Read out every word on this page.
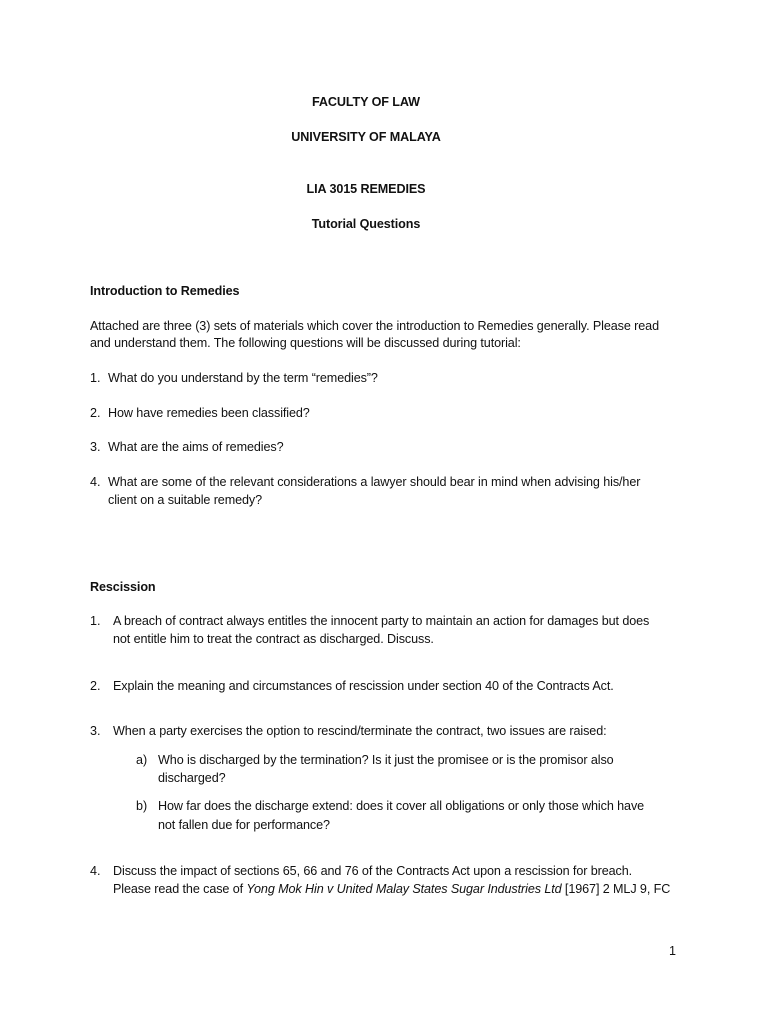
FACULTY OF LAW
UNIVERSITY OF MALAYA
LIA 3015 REMEDIES
Tutorial Questions
Introduction to Remedies
Attached are three (3) sets of materials which cover the introduction to Remedies generally. Please read
and understand them. The following questions will be discussed during tutorial:
1. What do you understand by the term “remedies”?
2. How have remedies been classified?
3. What are the aims of remedies?
4. What are some of the relevant considerations a lawyer should bear in mind when advising his/her
client on a suitable remedy?
Rescission
1. A breach of contract always entitles the innocent party to maintain an action for damages but does
not entitle him to treat the contract as discharged. Discuss.
2. Explain the meaning and circumstances of rescission under section 40 of the Contracts Act.
3. When a party exercises the option to rescind/terminate the contract, two issues are raised:
a) Who is discharged by the termination? Is it just the promisee or is the promisor also
discharged?
b) How far does the discharge extend: does it cover all obligations or only those which have
not fallen due for performance?
4. Discuss the impact of sections 65, 66 and 76 of the Contracts Act upon a rescission for breach.
Please read the case of Yong Mok Hin v United Malay States Sugar Industries Ltd [1967] 2 MLJ 9, FC
1
